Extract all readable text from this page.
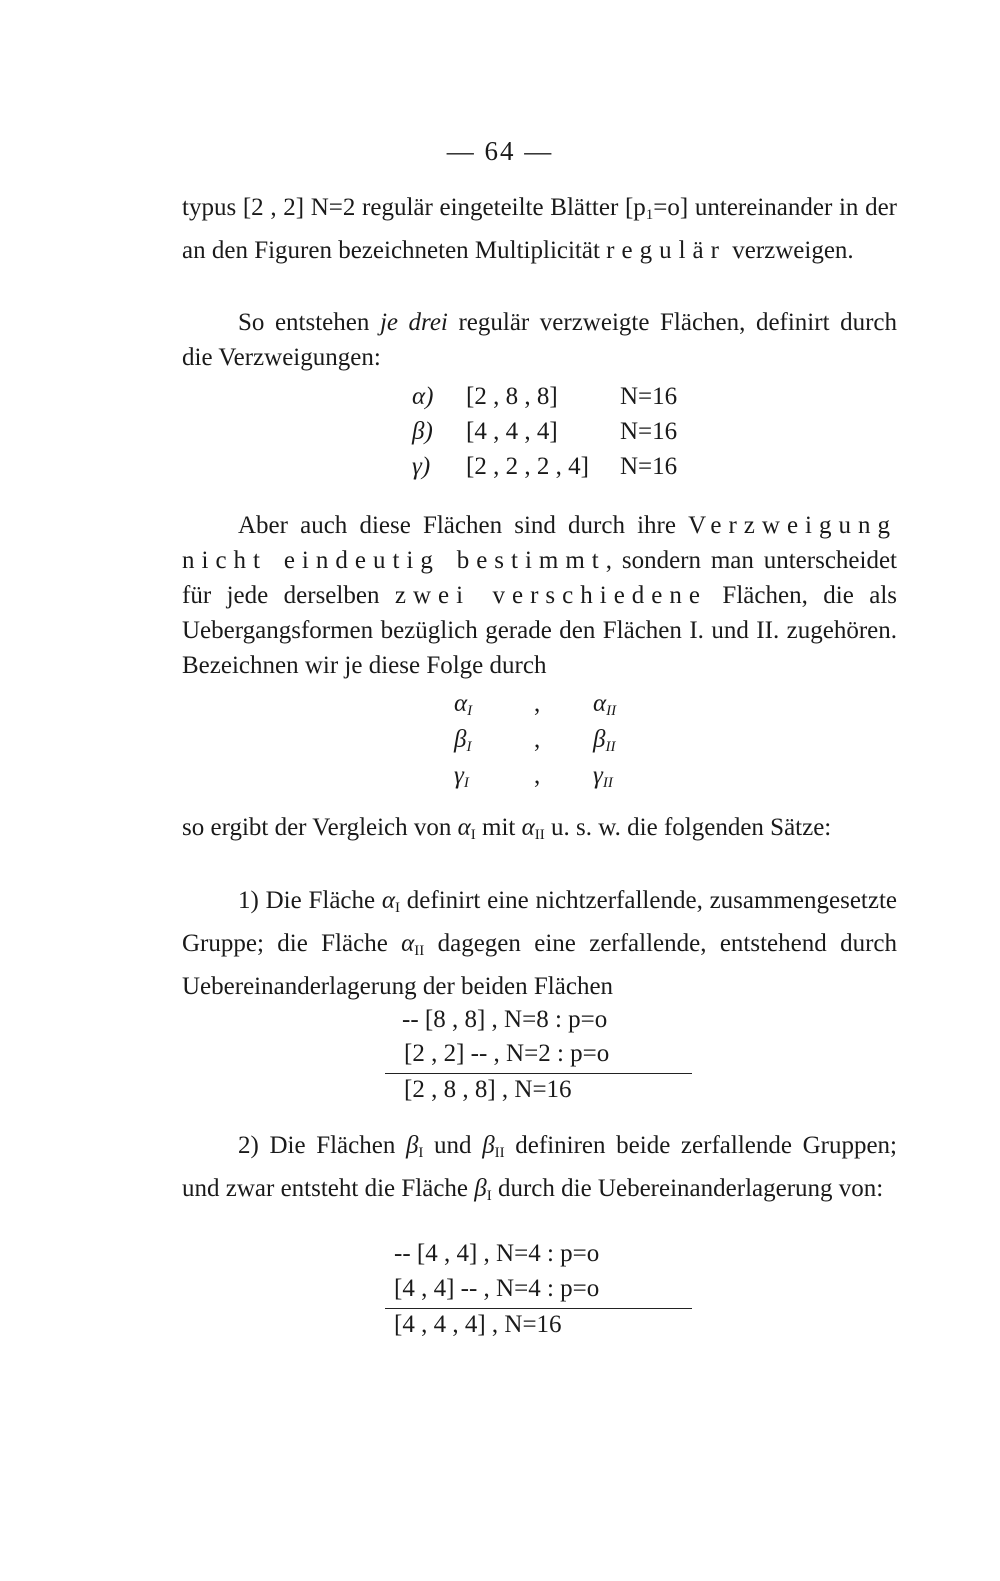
— 64 —

typus [2 , 2] N=2 regulär eingeteilte Blätter $[p_1=o]$ untereinander in der an den Figuren bezeichneten Multiplicität regulär verzweigen.

So entstehen je drei regulär verzweigte Flächen, definirt durch die Verzweigungen:

α) [2 , 8 , 8] N=16
β) [4 , 4 , 4] N=16
γ) [2 , 2 , 2 , 4] N=16

Aber auch diese Flächen sind durch ihre Verzweigung nicht eindeutig bestimmt, sondern man unterscheidet für jede derselben zwei verschiedene Flächen, die als Uebergangsformen bezüglich gerade den Flächen I. und II. zugehören. Bezeichnen wir je diese Folge durch

$\alpha_I$ , $\alpha_{II}$
$\beta_I$	, $\beta_{II}$
$\gamma_I$	, $\gamma_{II}$

so ergibt der Vergleich von $\alpha_I$ mit $\alpha_{II}$ u. s. w. die folgenden Sätze:

1) Die Fläche $\alpha_I$ definirt eine nichtzerfallende, zusammengesetzte Gruppe; die Fläche $\alpha_{II}$ dagegen eine zerfallende, entstehend durch Uebereinanderlagerung der beiden Flächen

-- [8 , 8] , N=8 : p=o
[2 , 2] -- , N=2 : p=o
[2 , 8 , 8] , N=16

2) Die Flächen $\beta_I$ und $\beta_{II}$ definiren beide zerfallende Gruppen; und zwar entsteht die Fläche $\beta_I$ durch die Uebereinanderlagerung von:

-- [4 , 4] , N=4 : p=o
[4 , 4] -- , N=4 : p=o
[4 , 4 , 4] , N=16
